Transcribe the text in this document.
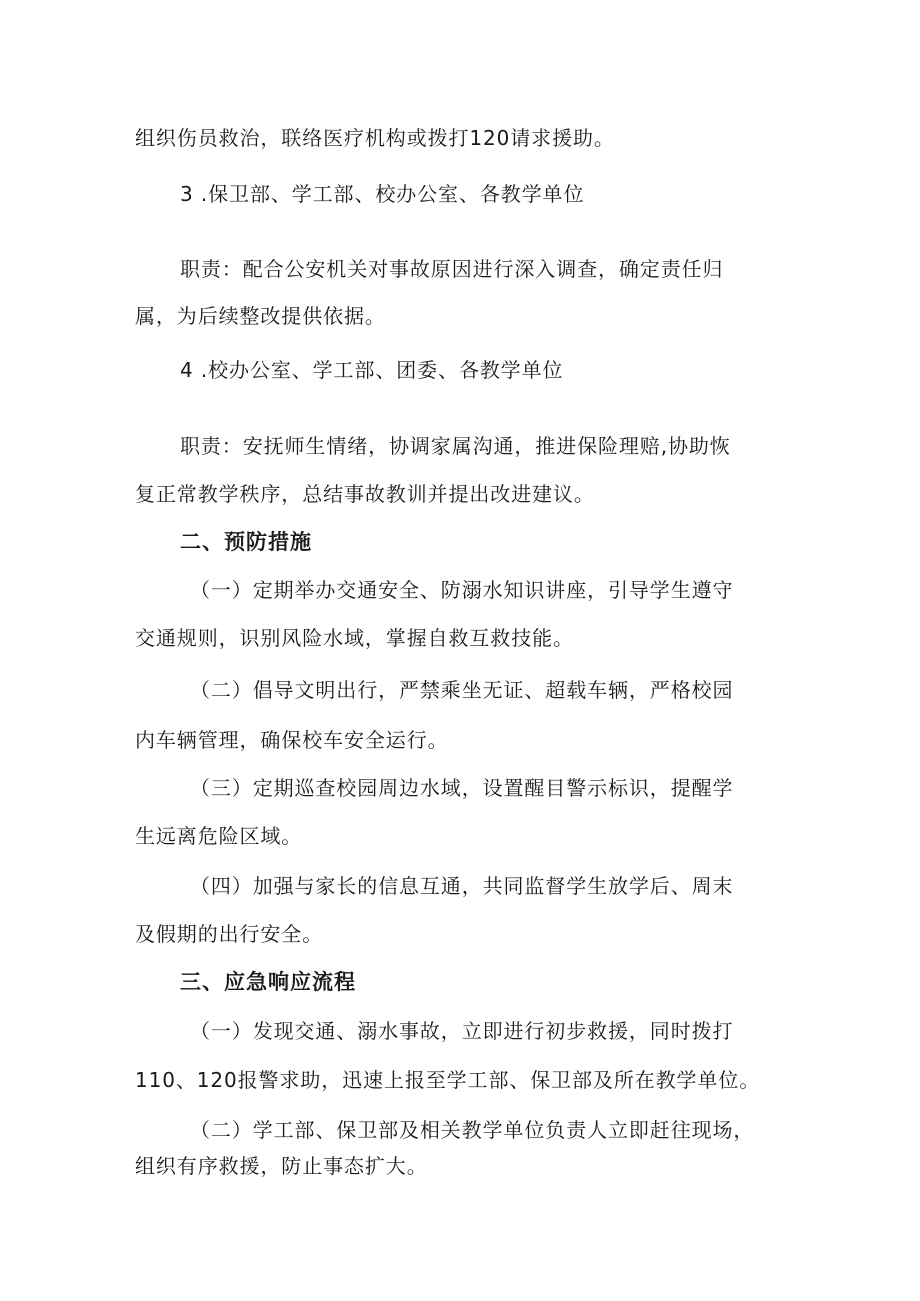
组织伤员救治，联络医疗机构或拨打120请求援助。
3 .保卫部、学工部、校办公室、各教学单位
职责：配合公安机关对事故原因进行深入调查，确定责任归
属，为后续整改提供依据。
4 .校办公室、学工部、团委、各教学单位
职责：安抚师生情绪，协调家属沟通，推进保险理赔,协助恢
复正常教学秩序，总结事故教训并提出改进建议。
二、预防措施
（一）定期举办交通安全、防溺水知识讲座，引导学生遵守
交通规则，识别风险水域，掌握自救互救技能。
（二）倡导文明出行，严禁乘坐无证、超载车辆，严格校园
内车辆管理，确保校车安全运行。
（三）定期巡查校园周边水域，设置醒目警示标识，提醒学
生远离危险区域。
（四）加强与家长的信息互通，共同监督学生放学后、周末
及假期的出行安全。
三、应急响应流程
（一）发现交通、溺水事故，立即进行初步救援，同时拨打
110、120报警求助，迅速上报至学工部、保卫部及所在教学单位。
（二）学工部、保卫部及相关教学单位负责人立即赶往现场，
组织有序救援，防止事态扩大。
